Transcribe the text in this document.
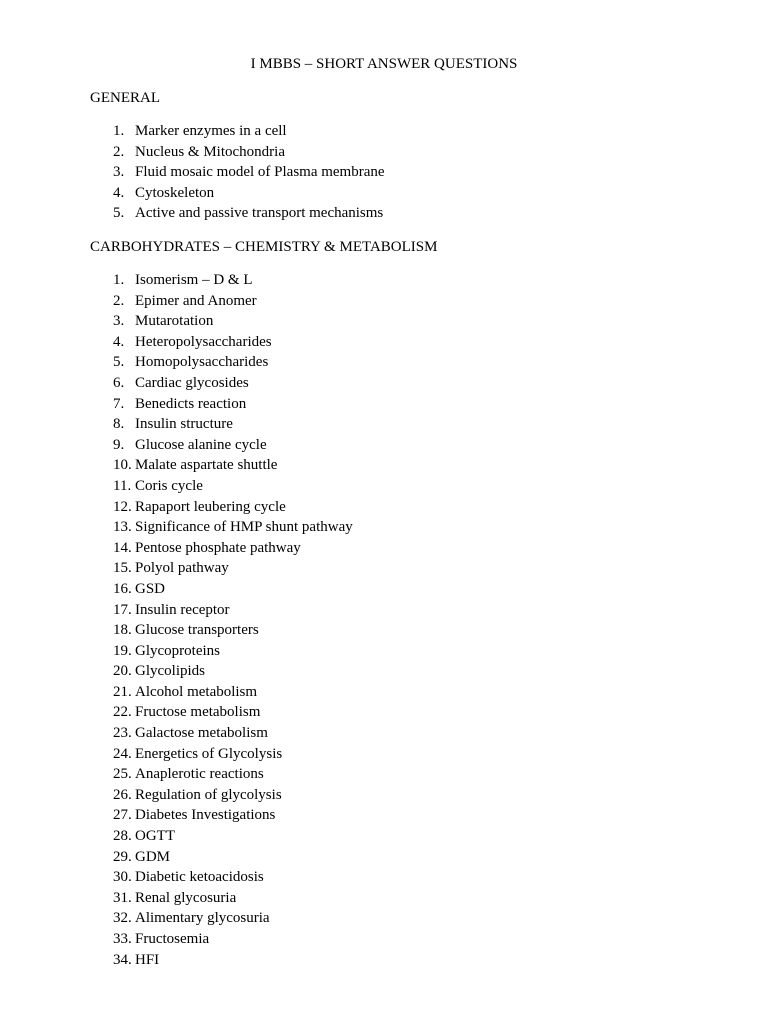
I MBBS – SHORT ANSWER QUESTIONS
GENERAL
1. Marker enzymes in a cell
2. Nucleus & Mitochondria
3. Fluid mosaic model of Plasma membrane
4. Cytoskeleton
5. Active and passive transport mechanisms
CARBOHYDRATES – CHEMISTRY & METABOLISM
1. Isomerism – D & L
2. Epimer and Anomer
3. Mutarotation
4. Heteropolysaccharides
5. Homopolysaccharides
6. Cardiac glycosides
7. Benedicts reaction
8. Insulin structure
9. Glucose alanine cycle
10. Malate aspartate shuttle
11. Coris cycle
12. Rapaport leubering cycle
13. Significance of HMP shunt pathway
14. Pentose phosphate pathway
15. Polyol pathway
16. GSD
17. Insulin receptor
18. Glucose transporters
19. Glycoproteins
20. Glycolipids
21. Alcohol metabolism
22. Fructose metabolism
23. Galactose metabolism
24. Energetics of Glycolysis
25. Anaplerotic reactions
26. Regulation of glycolysis
27. Diabetes Investigations
28. OGTT
29. GDM
30. Diabetic ketoacidosis
31. Renal glycosuria
32. Alimentary glycosuria
33. Fructosemia
34. HFI
